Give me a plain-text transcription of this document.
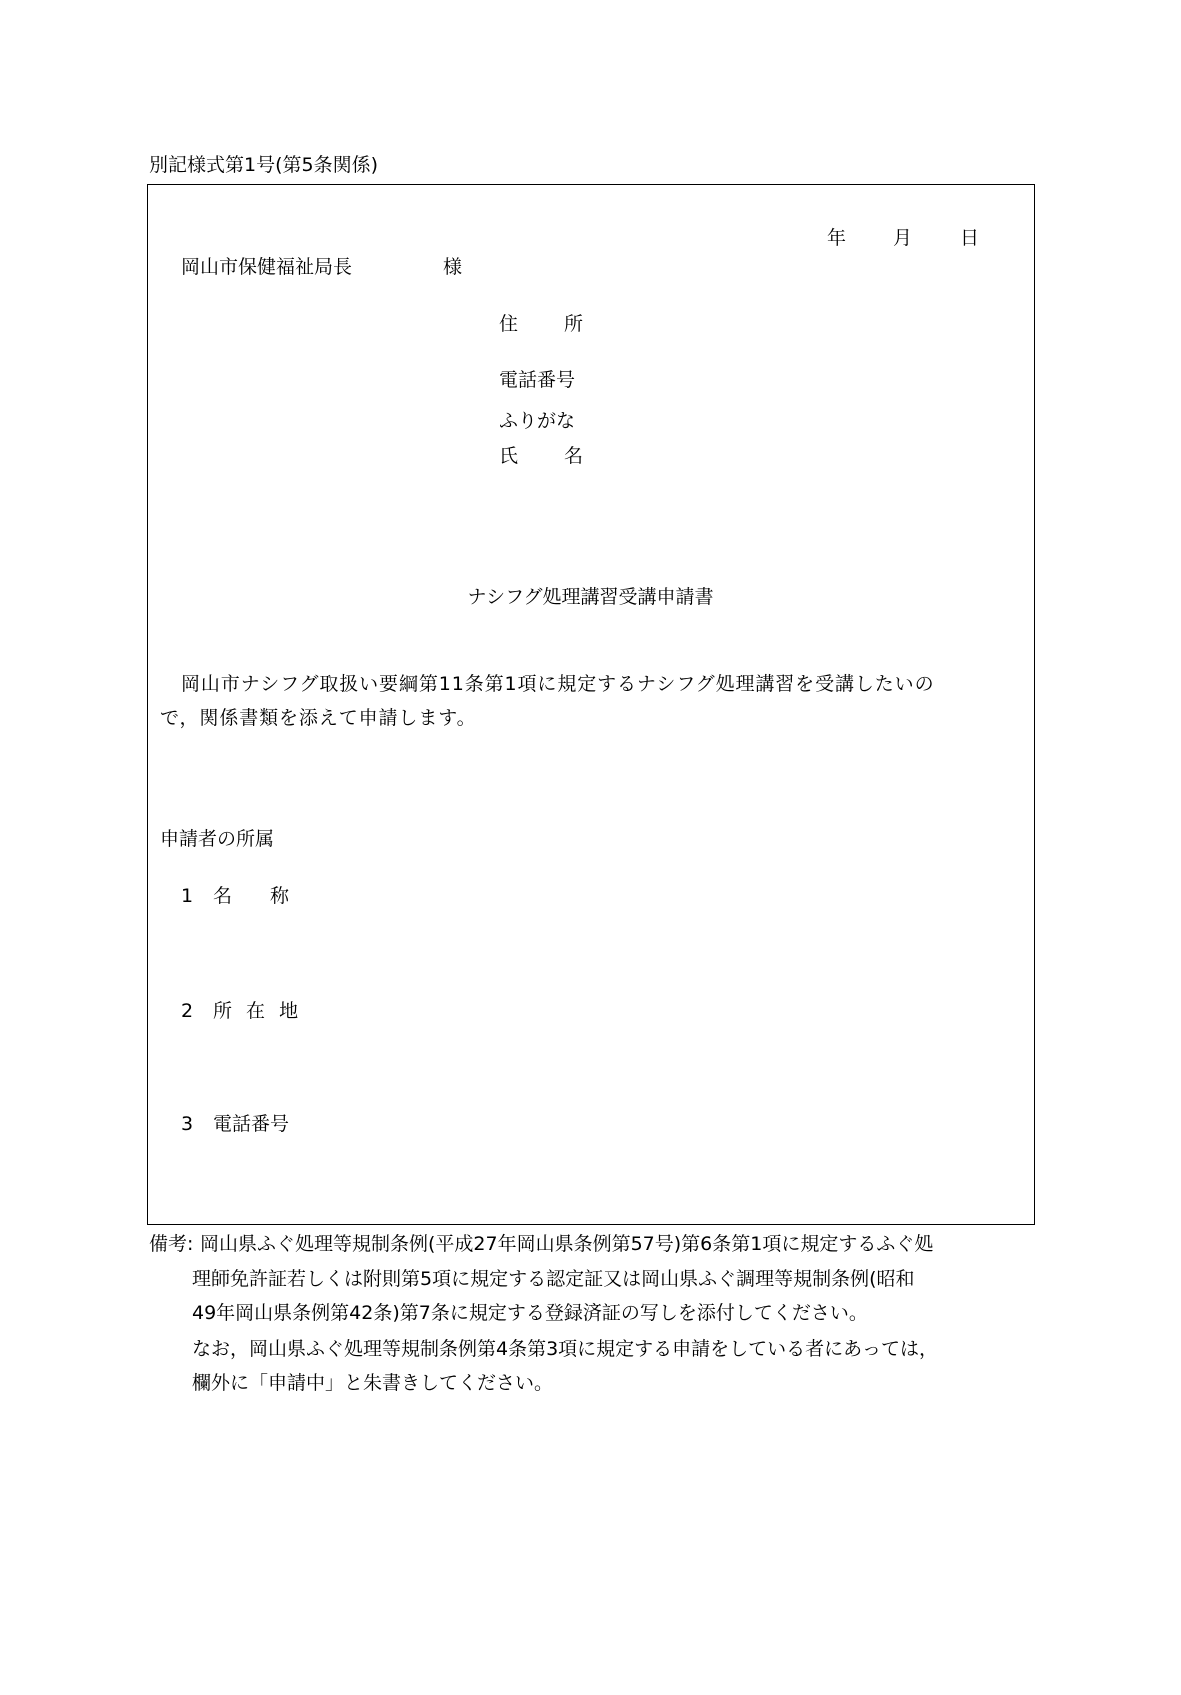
別記様式第1号(第5条関係)
年 月	日
岡山市保健福祉局長	様
住 所
電話番号
ふりがな
氏 名
ナシフグ処理講習受講申請書
岡山市ナシフグ取扱い要綱第11条第1項に規定するナシフグ処理講習を受講したいの
で，関係書類を添えて申請します。
申請者の所属
1 名　　称
2 所 在 地
3 電話番号
備考: 岡山県ふぐ処理等規制条例(平成27年岡山県条例第57号)第6条第1項に規定するふぐ処
理師免許証若しくは附則第5項に規定する認定証又は岡山県ふぐ調理等規制条例(昭和
49年岡山県条例第42条)第7条に規定する登録済証の写しを添付してください。
なお，岡山県ふぐ処理等規制条例第4条第3項に規定する申請をしている者にあっては，
欄外に「申請中」と朱書きしてください。
